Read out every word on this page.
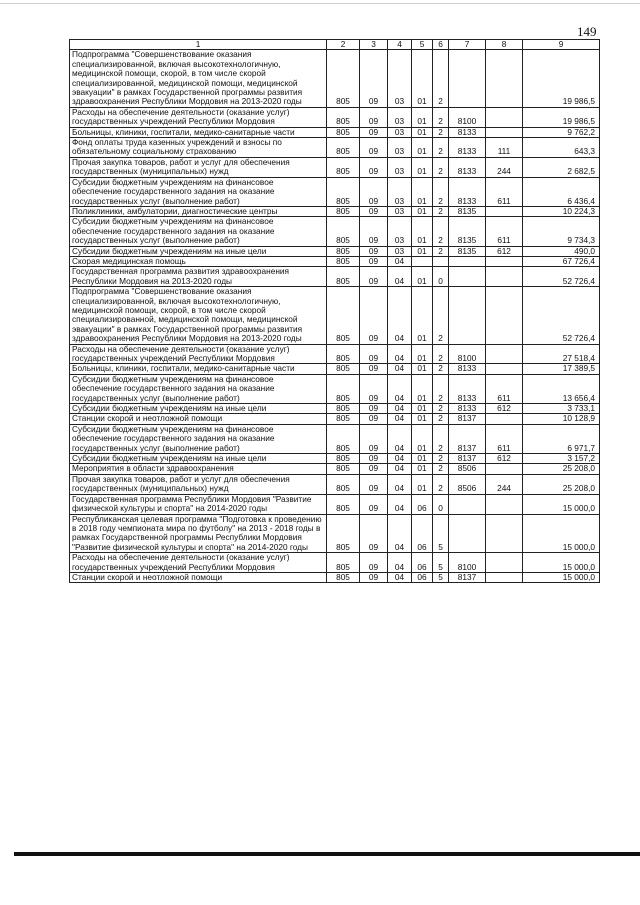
149
1	2	3	4	5	6	7	8	9
Подпрограмма "Совершенствование оказания специализированной, включая высокотехнологичную, медицинской помощи, скорой, в том числе скорой специализированной, медицинской помощи, медицинской эвакуации" в рамках Государственной программы развития здравоохранения Республики Мордовия на 2013-2020 годы	805	09	03	01	2			19 986,5
Расходы на обеспечение деятельности (оказание услуг) государственных учреждений Республики Мордовия	805	09	03	01	2	8100		19 986,5
Больницы, клиники, госпитали, медико-санитарные части	805	09	03	01	2	8133		9 762,2
Фонд оплаты труда казенных учреждений и взносы по обязательному социальному страхованию	805	09	03	01	2	8133	111	643,3
Прочая закупка товаров, работ и услуг для обеспечения государственных (муниципальных) нужд	805	09	03	01	2	8133	244	2 682,5
Субсидии бюджетным учреждениям на финансовое обеспечение государственного задания на оказание государственных услуг (выполнение работ)	805	09	03	01	2	8133	611	6 436,4
Поликлиники, амбулатории, диагностические центры	805	09	03	01	2	8135		10 224,3
Субсидии бюджетным учреждениям на финансовое обеспечение государственного задания на оказание государственных услуг (выполнение работ)	805	09	03	01	2	8135	611	9 734,3
Субсидии бюджетным учреждениям на иные цели	805	09	03	01	2	8135	612	490,0
Скорая медицинская помощь	805	09	04					67 726,4
Государственная программа развития здравоохранения Республики Мордовия на 2013-2020 годы	805	09	04	01	0			52 726,4
Подпрограмма "Совершенствование оказания специализированной, включая высокотехнологичную, медицинской помощи, скорой, в том числе скорой специализированной, медицинской помощи, медицинской эвакуации" в рамках Государственной программы развития здравоохранения Республики Мордовия на 2013-2020 годы	805	09	04	01	2			52 726,4
Расходы на обеспечение деятельности (оказание услуг) государственных учреждений Республики Мордовия	805	09	04	01	2	8100		27 518,4
Больницы, клиники, госпитали, медико-санитарные части	805	09	04	01	2	8133		17 389,5
Субсидии бюджетным учреждениям на финансовое обеспечение государственного задания на оказание государственных услуг (выполнение работ)	805	09	04	01	2	8133	611	13 656,4
Субсидии бюджетным учреждениям на иные цели	805	09	04	01	2	8133	612	3 733,1
Станции скорой и неотложной помощи	805	09	04	01	2	8137		10 128,9
Субсидии бюджетным учреждениям на финансовое обеспечение государственного задания на оказание государственных услуг (выполнение работ)	805	09	04	01	2	8137	611	6 971,7
Субсидии бюджетным учреждениям на иные цели	805	09	04	01	2	8137	612	3 157,2
Мероприятия в области здравоохранения	805	09	04	01	2	8506		25 208,0
Прочая закупка товаров, работ и услуг для обеспечения государственных (муниципальных) нужд	805	09	04	01	2	8506	244	25 208,0
Государственная программа Республики Мордовия "Развитие физической культуры и спорта" на 2014-2020 годы	805	09	04	06	0			15 000,0
Республиканская целевая программа "Подготовка к проведению в 2018 году чемпионата мира по футболу" на 2013 - 2018 годы в рамках Государственной программы Республики Мордовия "Развитие физической культуры и спорта" на 2014-2020 годы	805	09	04	06	5			15 000,0
Расходы на обеспечение деятельности (оказание услуг) государственных учреждений Республики Мордовия	805	09	04	06	5	8100		15 000,0
Станции скорой и неотложной помощи	805	09	04	06	5	8137		15 000,0
